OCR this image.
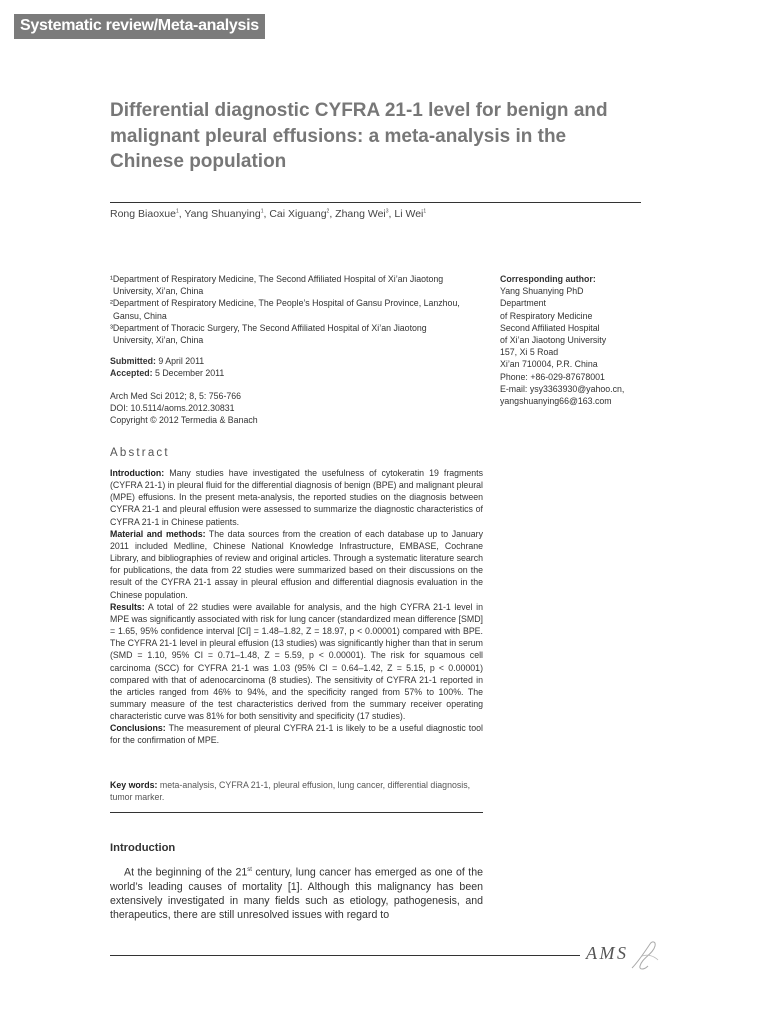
Systematic review/Meta-analysis
Differential diagnostic CYFRA 21-1 level for benign and malignant pleural effusions: a meta-analysis in the Chinese population
Rong Biaoxue$^1$, Yang Shuanying$^1$, Cai Xiguang$^2$, Zhang Wei$^3$, Li Wei$^1$
¹Department of Respiratory Medicine, The Second Affiliated Hospital of Xi’an Jiaotong
University, Xi’an, China
²Department of Respiratory Medicine, The People’s Hospital of Gansu Province, Lanzhou,
Gansu, China
³Department of Thoracic Surgery, The Second Affiliated Hospital of Xi’an Jiaotong
University, Xi’an, China
Submitted: 9 April 2011
Accepted: 5 December 2011
Arch Med Sci 2012; 8, 5: 756-766
DOI: 10.5114/aoms.2012.30831
Copyright © 2012 Termedia & Banach
Corresponding author:
Yang Shuanying PhD
Department
of Respiratory Medicine
Second Affiliated Hospital
of Xi’an Jiaotong University
157, Xi 5 Road
Xi’an 710004, P.R. China
Phone: +86-029-87678001
E-mail: ysy3363930@yahoo.cn,
yangshuanying66@163.com
Abstract
Introduction: Many studies have investigated the usefulness of cytokeratin 19 fragments (CYFRA 21-1) in pleural fluid for the differential diagnosis of benign (BPE) and malignant pleural (MPE) effusions. In the present meta-analysis, the reported studies on the diagnosis between CYFRA 21-1 and pleural effusion were assessed to summarize the diagnostic characteristics of CYFRA 21-1 in Chinese patients.
Material and methods: The data sources from the creation of each database up to January 2011 included Medline, Chinese National Knowledge Infrastructure, EMBASE, Cochrane Library, and bibliographies of review and original articles. Through a systematic literature search for publications, the data from 22 studies were summarized based on their discussions on the result of the CYFRA 21-1 assay in pleural effusion and differential diagnosis evaluation in the Chinese population.
Results: A total of 22 studies were available for analysis, and the high CYFRA 21-1 level in MPE was significantly associated with risk for lung cancer (standardized mean difference [SMD] = 1.65, 95% confidence interval [CI] = 1.48–1.82, Z = 18.97, p < 0.00001) compared with BPE. The CYFRA 21-1 level in pleural effusion (13 studies) was significantly higher than that in serum (SMD = 1.10, 95% CI = 0.71–1.48, Z = 5.59, p < 0.00001). The risk for squamous cell carcinoma (SCC) for CYFRA 21-1 was 1.03 (95% CI = 0.64–1.42, Z = 5.15, p < 0.00001) compared with that of adenocarcinoma (8 studies). The sensitivity of CYFRA 21-1 reported in the articles ranged from 46% to 94%, and the specificity ranged from 57% to 100%. The summary measure of the test characteristics derived from the summary receiver operating characteristic curve was 81% for both sensitivity and specificity (17 studies).
Conclusions: The measurement of pleural CYFRA 21-1 is likely to be a useful diagnostic tool for the confirmation of MPE.
Key words: meta-analysis, CYFRA 21-1, pleural effusion, lung cancer, differential diagnosis, tumor marker.
Introduction

At the beginning of the 21st century, lung cancer has emerged as one of the world’s leading causes of mortality [1]. Although this malignancy has been extensively investigated in many fields such as etiology, pathogenesis, and therapeutics, there are still unresolved issues with regard to

AMS
